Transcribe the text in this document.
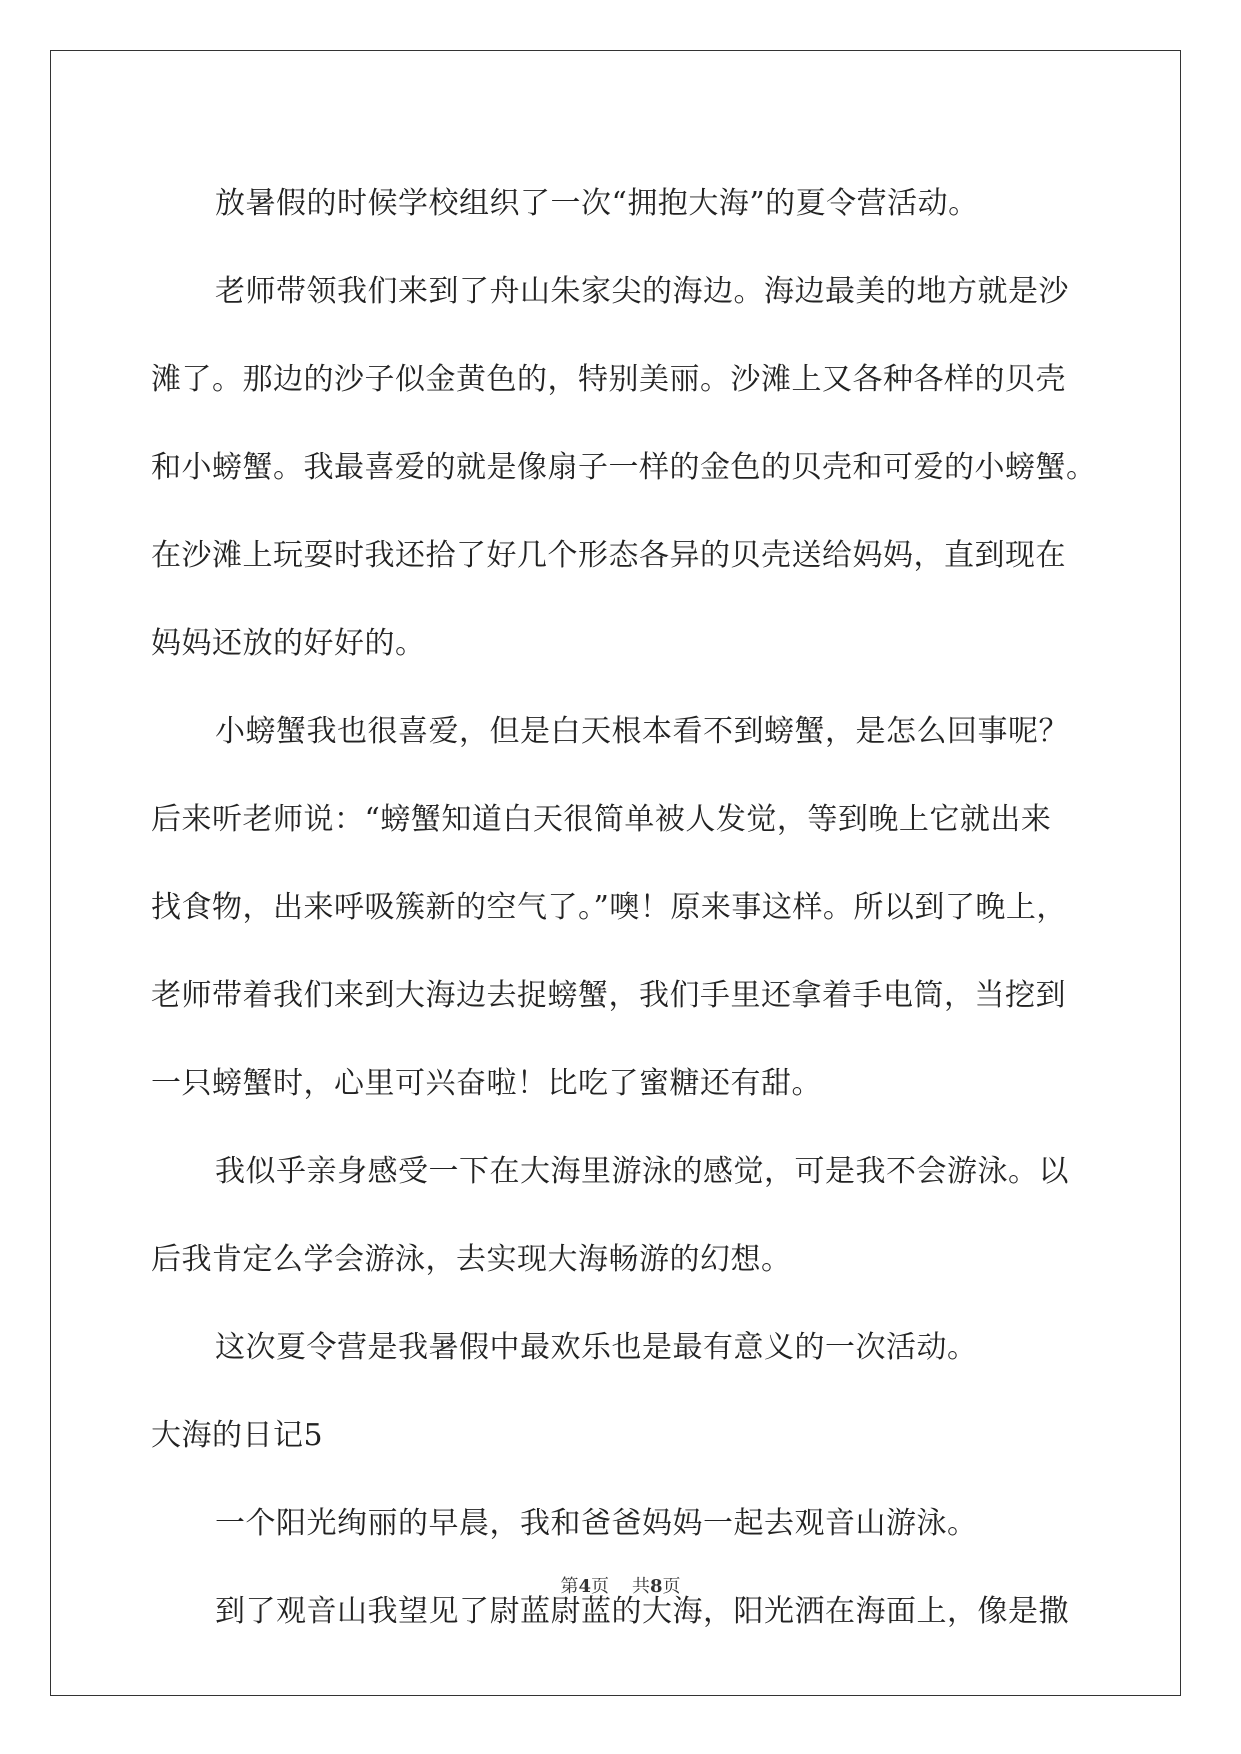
放暑假的时候学校组织了一次“拥抱大海”的夏令营活动。

老师带领我们来到了舟山朱家尖的海边。海边最美的地方就是沙

滩了。那边的沙子似金黄色的，特别美丽。沙滩上又各种各样的贝壳

和小螃蟹。我最喜爱的就是像扇子一样的金色的贝壳和可爱的小螃蟹。

在沙滩上玩耍时我还拾了好几个形态各异的贝壳送给妈妈，直到现在

妈妈还放的好好的。

小螃蟹我也很喜爱，但是白天根本看不到螃蟹，是怎么回事呢？

后来听老师说：“螃蟹知道白天很简单被人发觉，等到晚上它就出来

找食物，出来呼吸簇新的空气了。”噢！原来事这样。所以到了晚上，

老师带着我们来到大海边去捉螃蟹，我们手里还拿着手电筒，当挖到

一只螃蟹时，心里可兴奋啦！比吃了蜜糖还有甜。

我似乎亲身感受一下在大海里游泳的感觉，可是我不会游泳。以

后我肯定么学会游泳，去实现大海畅游的幻想。

这次夏令营是我暑假中最欢乐也是最有意义的一次活动。

大海的日记5

一个阳光绚丽的早晨，我和爸爸妈妈一起去观音山游泳。

到了观音山我望见了尉蓝尉蓝的大海，阳光洒在海面上，像是撒

第4页 共8页
